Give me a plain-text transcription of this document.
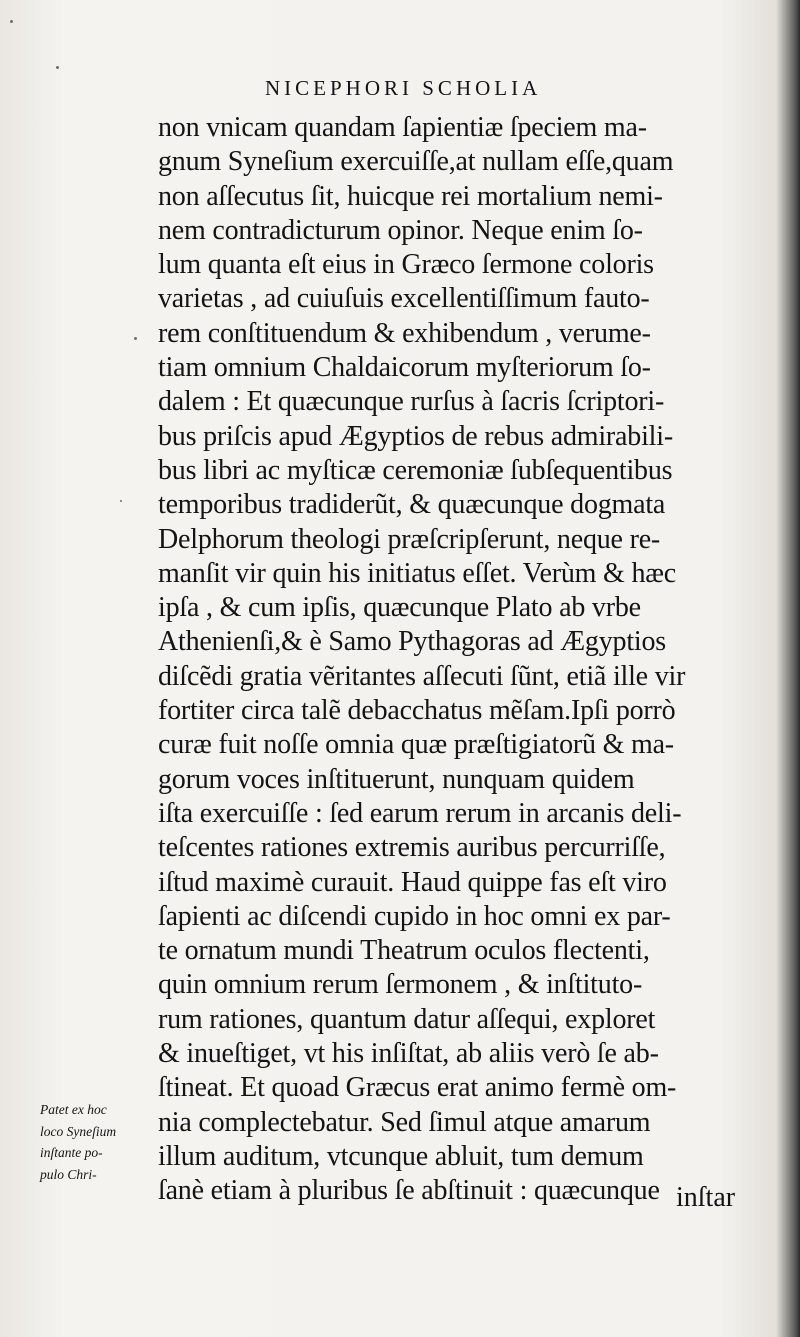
NICEPHORI SCHOLIA
non vnicam quandam ſapientiæ ſpeciem ma-
gnum Syneſium exercuiſſe,at nullam eſſe,quam
non aſſecutus ſit, huicque rei mortalium nemi-
nem contradicturum opinor. Neque enim ſo-
lum quanta eſt eius in Græco ſermone coloris
varietas , ad cuiuſuis excellentiſſimum fauto-
rem conſtituendum & exhibendum , verume-
tiam omnium Chaldaicorum myſteriorum ſo-
dalem : Et quæcunque rurſus à ſacris ſcriptori-
bus priſcis apud Ægyptios de rebus admirabili-
bus libri ac myſticæ ceremoniæ ſubſequentibus
temporibus tradiderũt, & quæcunque dogmata
Delphorum theologi præſcripſerunt, neque re-
manſit vir quin his initiatus eſſet. Verùm & hæc
ipſa , & cum ipſis, quæcunque Plato ab vrbe
Athenienſi,& è Samo Pythagoras ad Ægyptios
diſcẽdi gratia vẽritantes aſſecuti ſũnt, etiã ille vir
fortiter circa talẽ debacchatus mẽſam.Ipſi porrò
curæ fuit noſſe omnia quæ præſtigiatorũ & ma-
gorum voces inſtituerunt, nunquam quidem
iſta exercuiſſe : ſed earum rerum in arcanis deli-
teſcentes rationes extremis auribus percurriſſe,
iſtud maximè curauit. Haud quippe fas eſt viro
ſapienti ac diſcendi cupido in hoc omni ex par-
te ornatum mundi Theatrum oculos flectenti,
quin omnium rerum ſermonem , & inſtituto-
rum rationes, quantum datur aſſequi, exploret
& inueſtiget, vt his inſiſtat, ab aliis verò ſe ab-
ſtineat. Et quoad Græcus erat animo fermè om-
nia complectebatur. Sed ſimul atque amarum
illum auditum, vtcunque abluit, tum demum
ſanè etiam à pluribus ſe abſtinuit : quæcunque
Patet ex hoc
loco Syneſium
inſtante po-
pulo Chri-
inſtar
